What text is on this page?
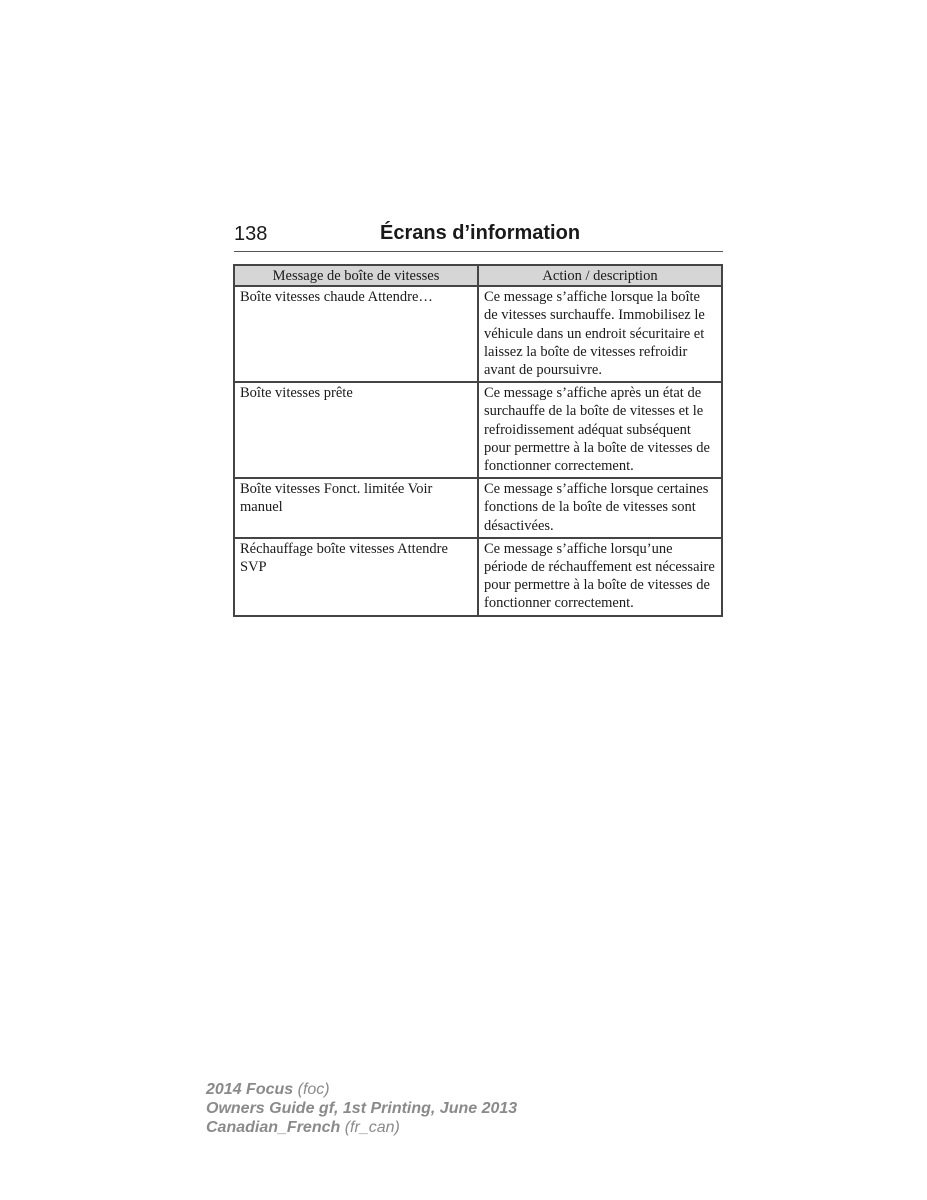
138	Écrans d’information
Message de boîte de vitesses	Action / description
Boîte vitesses chaude Attendre…	Ce message s’affiche lorsque la boîte de vitesses surchauffe. Immobilisez le véhicule dans un endroit sécuritaire et laissez la boîte de vitesses refroidir avant de poursuivre.
Boîte vitesses prête	Ce message s’affiche après un état de surchauffe de la boîte de vitesses et le refroidissement adéquat subséquent pour permettre à la boîte de vitesses de fonctionner correctement.
Boîte vitesses Fonct. limitée Voir manuel	Ce message s’affiche lorsque certaines fonctions de la boîte de vitesses sont désactivées.
Réchauffage boîte vitesses Attendre SVP	Ce message s’affiche lorsqu’une période de réchauffement est nécessaire pour permettre à la boîte de vitesses de fonctionner correctement.
2014 Focus (foc)
Owners Guide gf, 1st Printing, June 2013
Canadian_French (fr_can)
